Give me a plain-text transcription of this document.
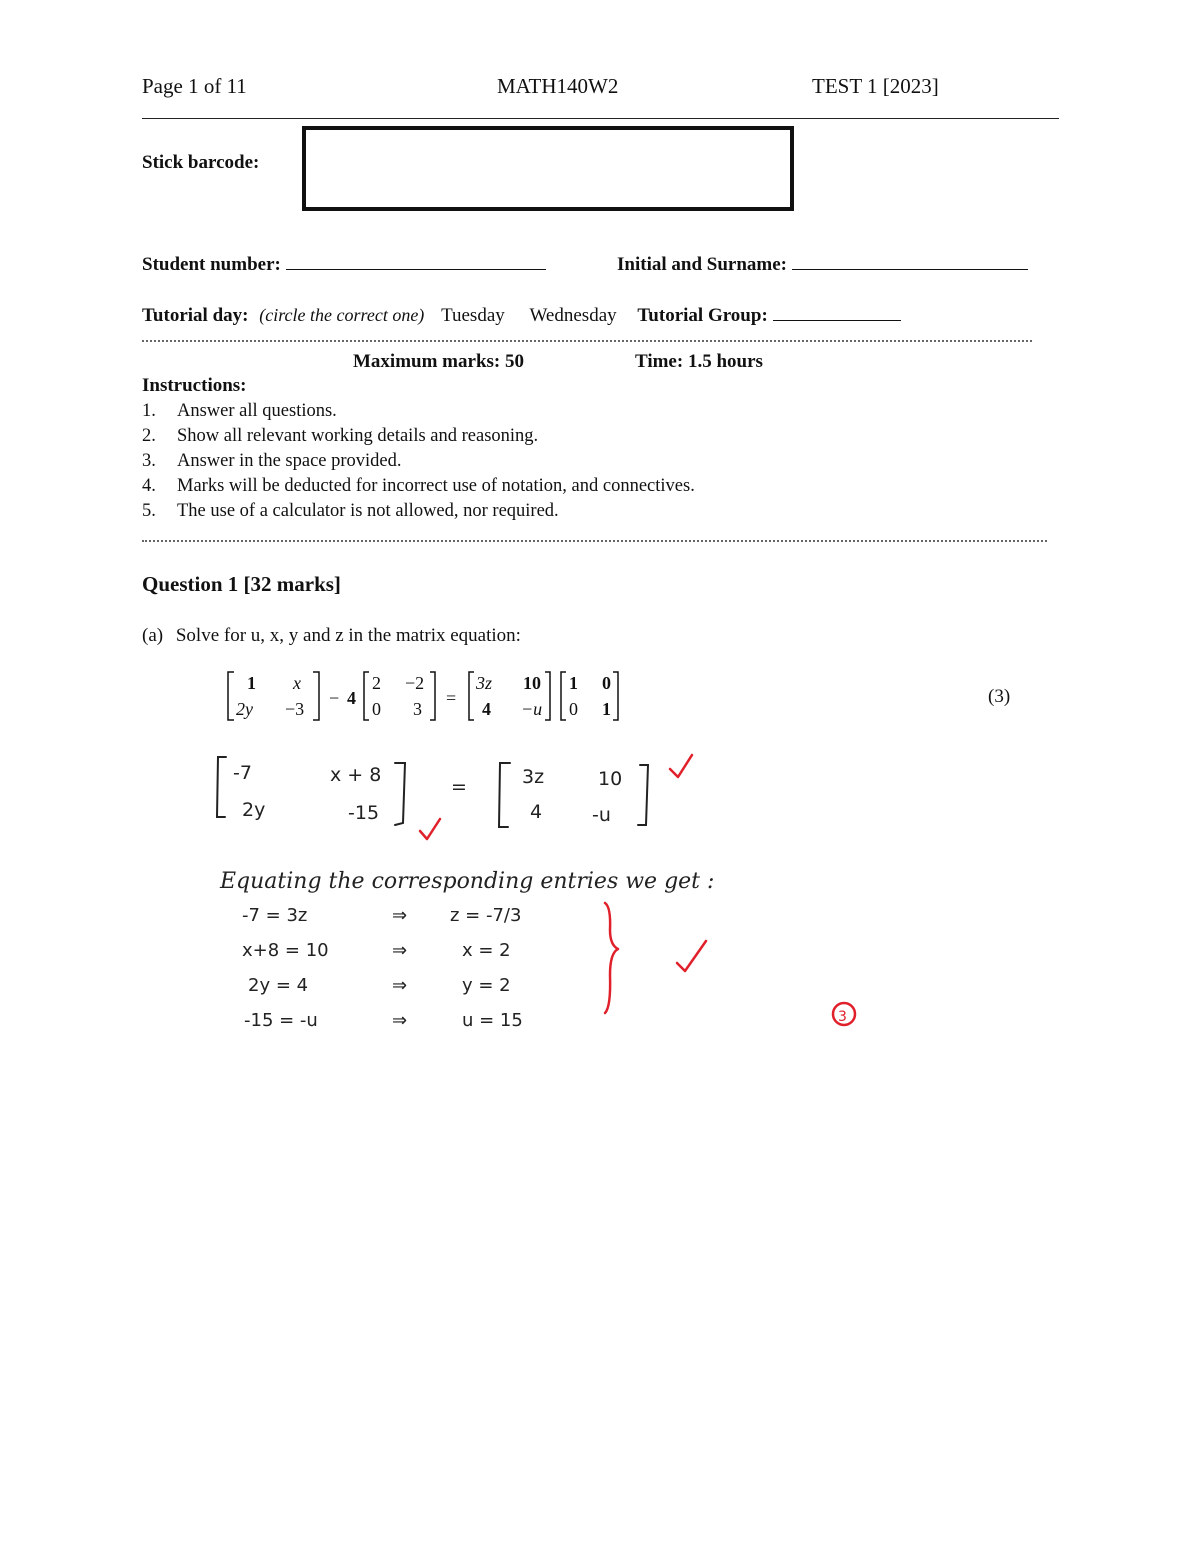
Page 1 of 11	MATH140W2	TEST 1 [2023]
Stick barcode:
Student number:	Initial and Surname:
Tutorial day: (circle the correct one) Tuesday Wednesday Tutorial Group:
Maximum marks: 50	Time: 1.5 hours
Instructions:
1. Answer all questions.
2. Show all relevant working details and reasoning.
3. Answer in the space provided.
4. Marks will be deducted for incorrect use of notation, and connectives.
5. The use of a calculator is not allowed, nor required.
Question 1 [32 marks]
(a) Solve for u, x, y and z in the matrix equation:
(3)
1 x
2y −3
− 4
2 −2
0 3
=
3z 10
4 −u
1 0
0 1
-7	x + 8
2y	-15
=	3z	10
4	-u
Equating the corresponding entries we get :
-7 = 3z	⇒ z = -7/3
x+8 = 10	⇒	x = 2
2y = 4	⇒	y = 2
-15 = -u	⇒	u = 15	3
